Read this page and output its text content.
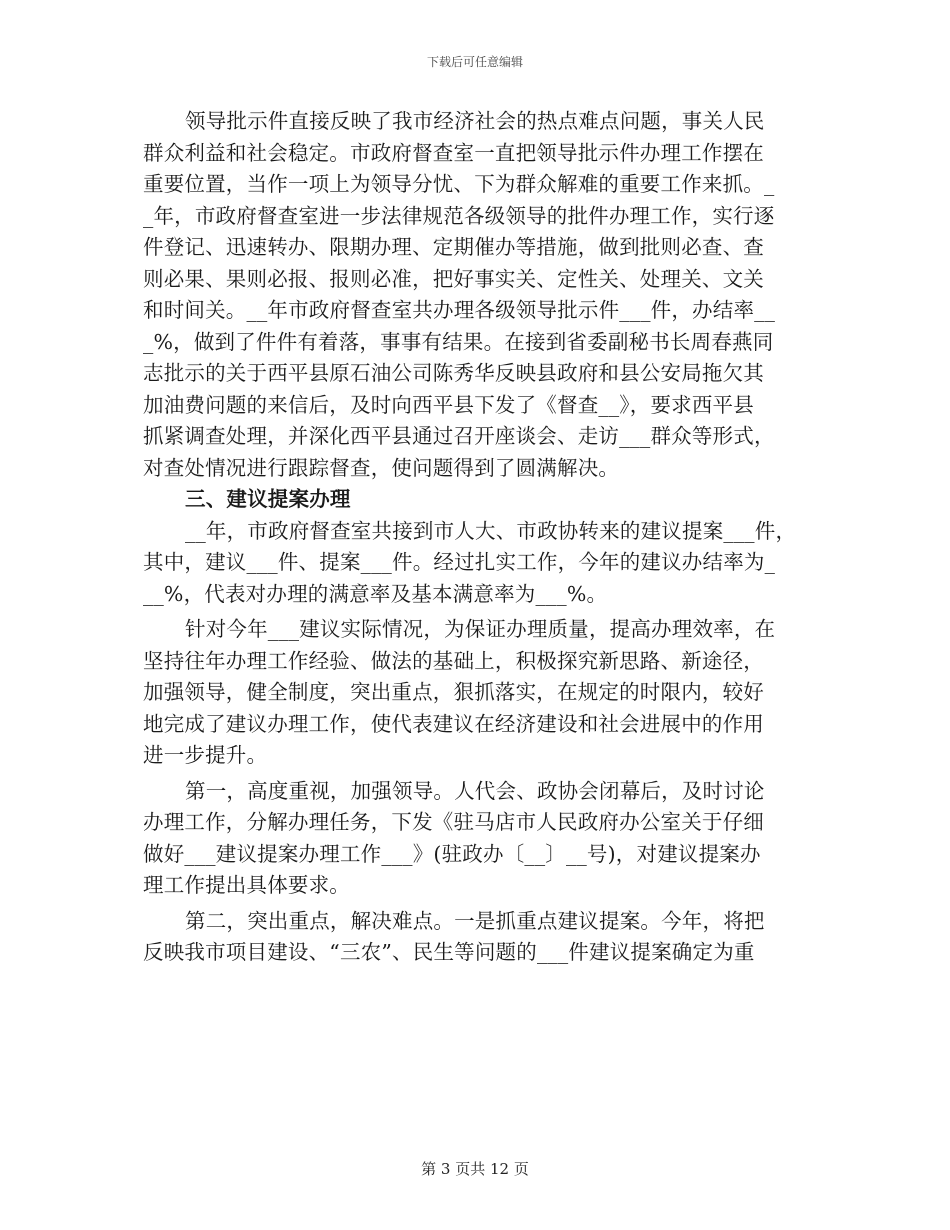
下载后可任意编辑
领导批示件直接反映了我市经济社会的热点难点问题，事关人民
群众利益和社会稳定。市政府督查室一直把领导批示件办理工作摆在
重要位置，当作一项上为领导分忧、下为群众解难的重要工作来抓。_
_年，市政府督查室进一步法律规范各级领导的批件办理工作，实行逐
件登记、迅速转办、限期办理、定期催办等措施，做到批则必查、查
则必果、果则必报、报则必准，把好事实关、定性关、处理关、文关
和时间关。__年市政府督查室共办理各级领导批示件___件，办结率__
_%，做到了件件有着落，事事有结果。在接到省委副秘书长周春燕同
志批示的关于西平县原石油公司陈秀华反映县政府和县公安局拖欠其
加油费问题的来信后，及时向西平县下发了《督查__》，要求西平县
抓紧调查处理，并深化西平县通过召开座谈会、走访___群众等形式，
对查处情况进行跟踪督查，使问题得到了圆满解决。
三、建议提案办理
__年，市政府督查室共接到市人大、市政协转来的建议提案___件，
其中，建议___件、提案___件。经过扎实工作，今年的建议办结率为_
__%，代表对办理的满意率及基本满意率为___%。
针对今年___建议实际情况，为保证办理质量，提高办理效率，在
坚持往年办理工作经验、做法的基础上，积极探究新思路、新途径，
加强领导，健全制度，突出重点，狠抓落实，在规定的时限内，较好
地完成了建议办理工作，使代表建议在经济建设和社会进展中的作用
进一步提升。
第一，高度重视，加强领导。人代会、政协会闭幕后，及时讨论
办理工作，分解办理任务，下发《驻马店市人民政府办公室关于仔细
做好___建议提案办理工作___》(驻政办〔__〕__号)，对建议提案办
理工作提出具体要求。
第二，突出重点，解决难点。一是抓重点建议提案。今年，将把
反映我市项目建设、“三农”、民生等问题的___件建议提案确定为重
第 3 页共 12 页
